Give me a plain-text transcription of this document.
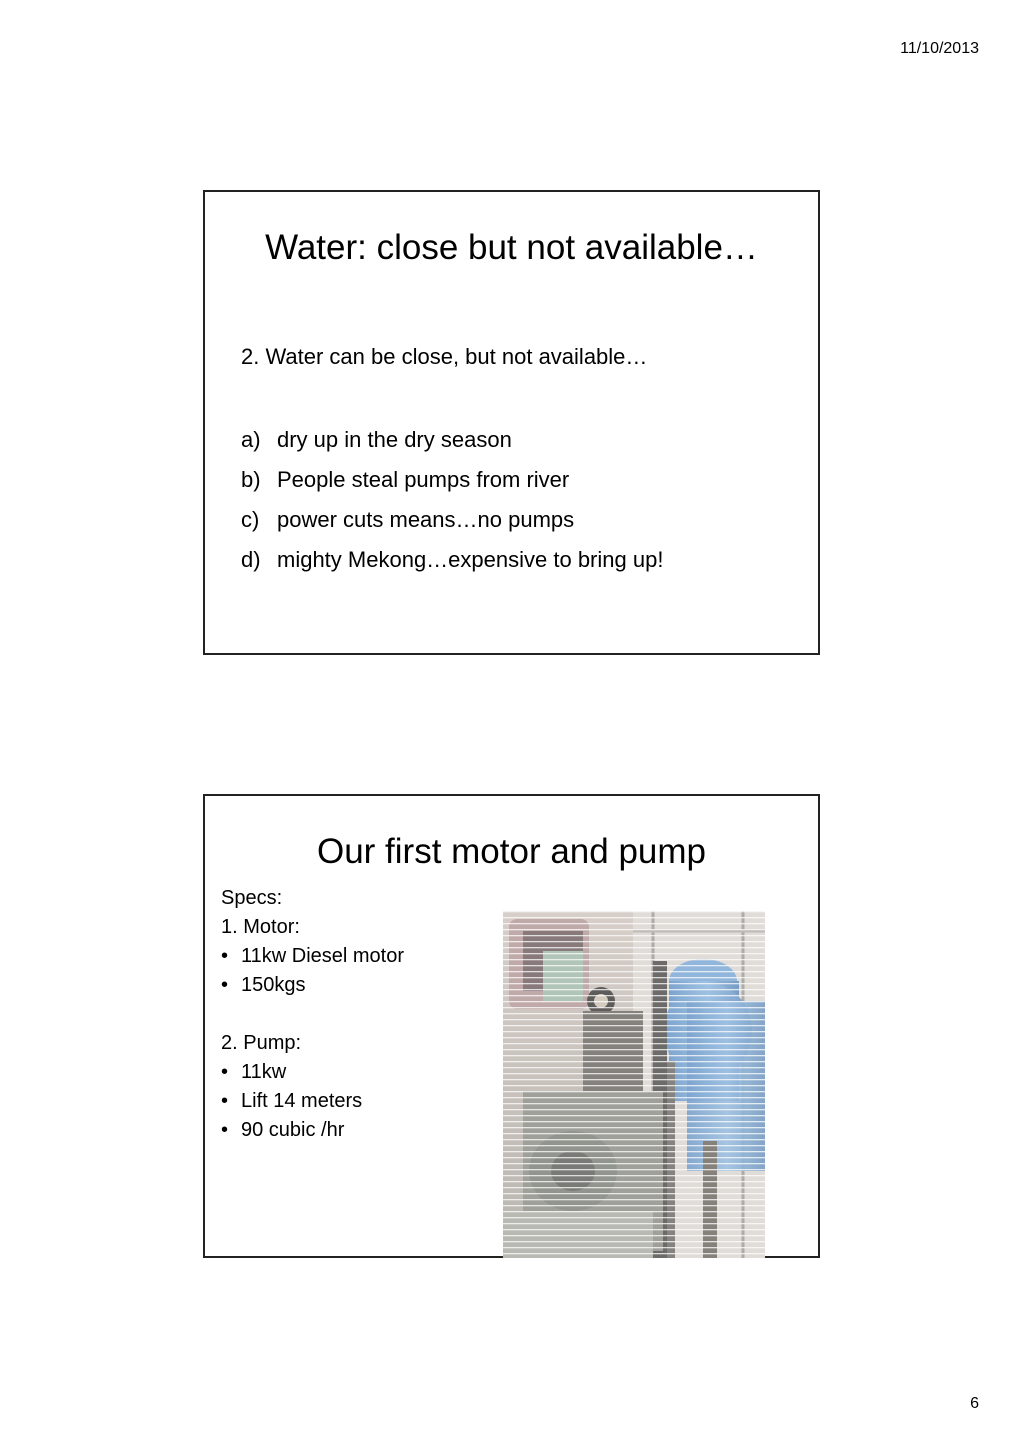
11/10/2013
Water: close but not available…
2. Water can be close, but not available…
a) dry up in the dry season
b) People steal pumps from river
c) power cuts means…no pumps
d) mighty Mekong…expensive to bring up!
Our first motor and pump
Specs:
1. Motor:
• 11kw Diesel motor
• 150kgs
2. Pump:
• 11kw
• Lift 14 meters
• 90 cubic /hr
6
